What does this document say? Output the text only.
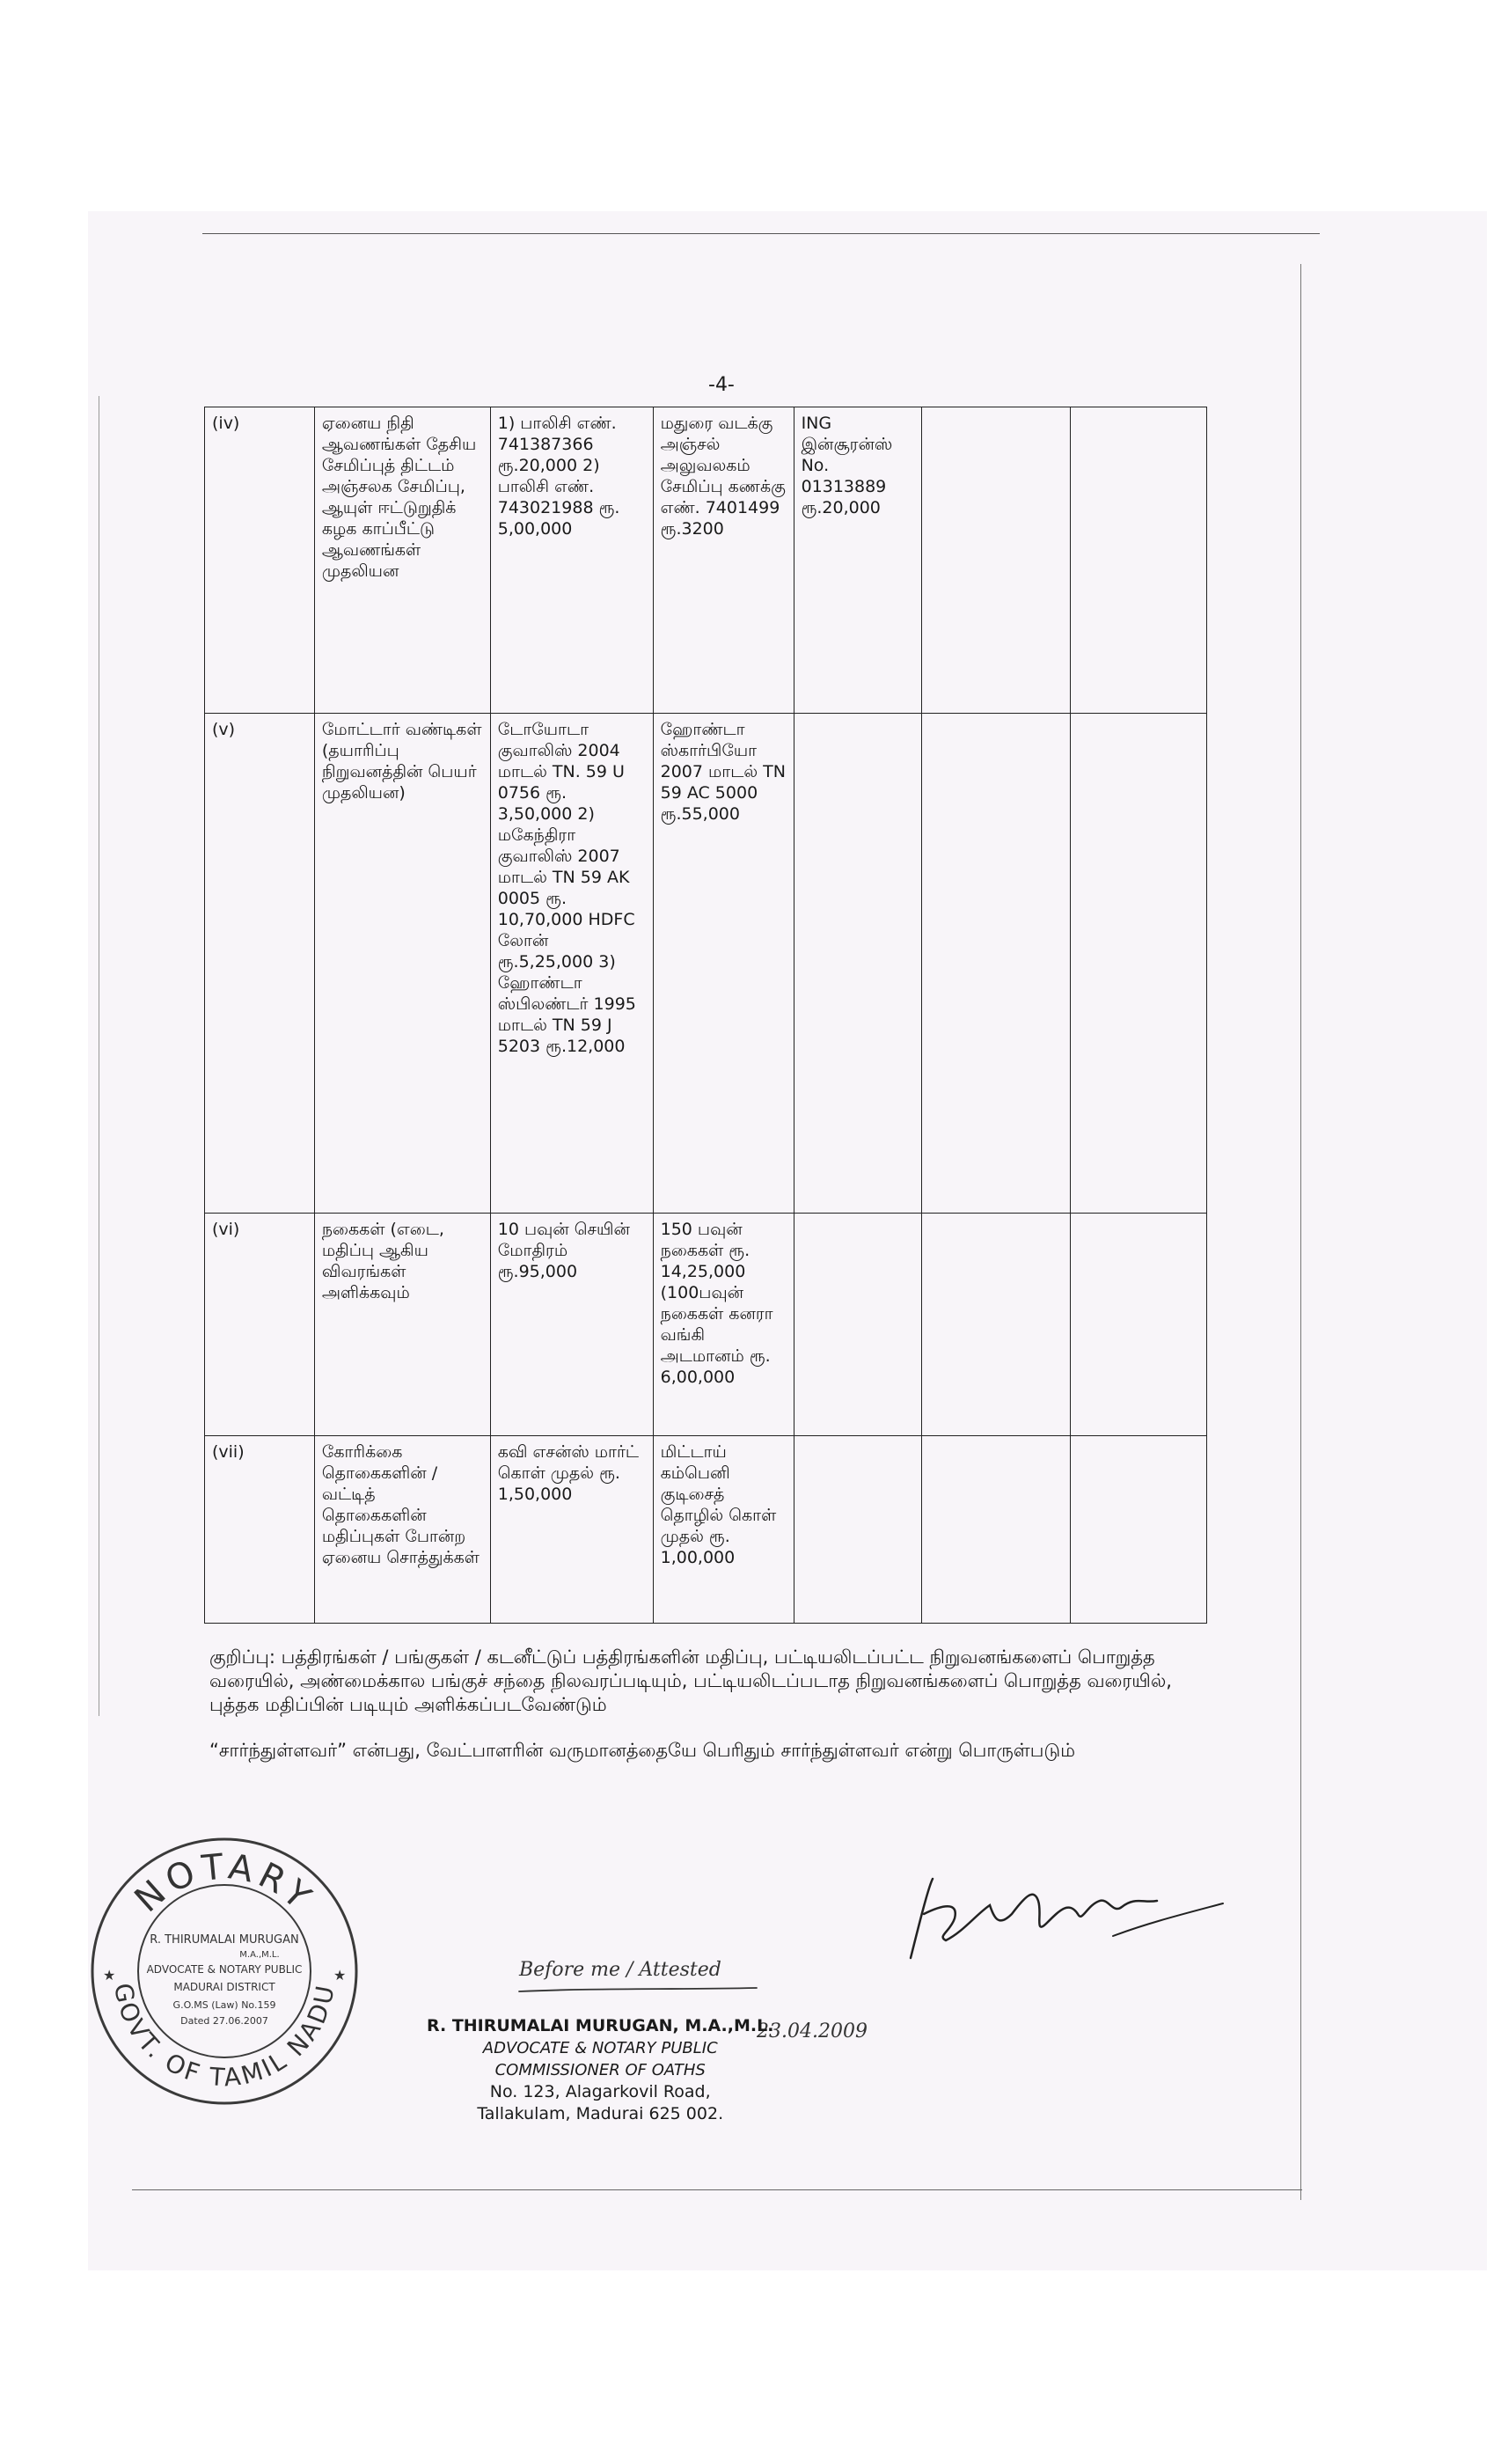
-4-
(iv)	ஏனைய நிதி ஆவணங்கள் தேசிய சேமிப்புத் திட்டம் அஞ்சலக சேமிப்பு, ஆயுள் ஈட்டுறுதிக் கழக காப்பீட்டு ஆவணங்கள் முதலியன	1) பாலிசி எண். 741387366 ரூ.20,000 2) பாலிசி எண். 743021988 ரூ. 5,00,000	மதுரை வடக்கு அஞ்சல் அலுவலகம் சேமிப்பு கணக்கு எண். 7401499 ரூ.3200	ING இன்சூரன்ஸ் No. 01313889 ரூ.20,000		
(v)	மோட்டார் வண்டிகள் (தயாரிப்பு நிறுவனத்தின் பெயர் முதலியன)	டோயோடா குவாலிஸ் 2004 மாடல் TN. 59 U 0756 ரூ. 3,50,000 2) மகேந்திரா குவாலிஸ் 2007 மாடல் TN 59 AK 0005 ரூ. 10,70,000 HDFC லோன் ரூ.5,25,000 3) ஹோண்டா ஸ்பிலண்டர் 1995 மாடல் TN 59 J 5203 ரூ.12,000	ஹோண்டா ஸ்கார்பியோ 2007 மாடல் TN 59 AC 5000 ரூ.55,000			
(vi)	நகைகள் (எடை, மதிப்பு ஆகிய விவரங்கள் அளிக்கவும்	10 பவுன் செயின் மோதிரம் ரூ.95,000	150 பவுன் நகைகள் ரூ. 14,25,000 (100பவுன் நகைகள் கனரா வங்கி அடமானம் ரூ. 6,00,000			
(vii)	கோரிக்கை தொகைகளின் / வட்டித் தொகைகளின் மதிப்புகள் போன்ற ஏனைய சொத்துக்கள்	கவி எசன்ஸ் மார்ட் கொள் முதல் ரூ. 1,50,000	மிட்டாய் கம்பெனி குடிசைத் தொழில் கொள் முதல் ரூ. 1,00,000			
குறிப்பு: பத்திரங்கள் / பங்குகள் / கடனீட்டுப் பத்திரங்களின் மதிப்பு, பட்டியலிடப்பட்ட நிறுவனங்களைப் பொறுத்த வரையில், அண்மைக்கால பங்குச் சந்தை நிலவரப்படியும், பட்டியலிடப்படாத நிறுவனங்களைப் பொறுத்த வரையில், புத்தக மதிப்பின் படியும் அளிக்கப்படவேண்டும்
“சார்ந்துள்ளவர்” என்பது, வேட்பாளரின் வருமானத்தையே பெரிதும் சார்ந்துள்ளவர் என்று பொருள்படும்
NOTARY
GOVT. OF TAMIL NADU
R. THIRUMALAI MURUGAN
M.A.,M.L.
ADVOCATE & NOTARY PUBLIC
MADURAI DISTRICT
G.O.MS (Law) No.159
Dated 27.06.2007
★	★	Before me / Attested
23.04.2009
R. THIRUMALAI MURUGAN, M.A.,M.L.
ADVOCATE & NOTARY PUBLIC
COMMISSIONER OF OATHS
No. 123, Alagarkovil Road,
Tallakulam, Madurai 625 002.
